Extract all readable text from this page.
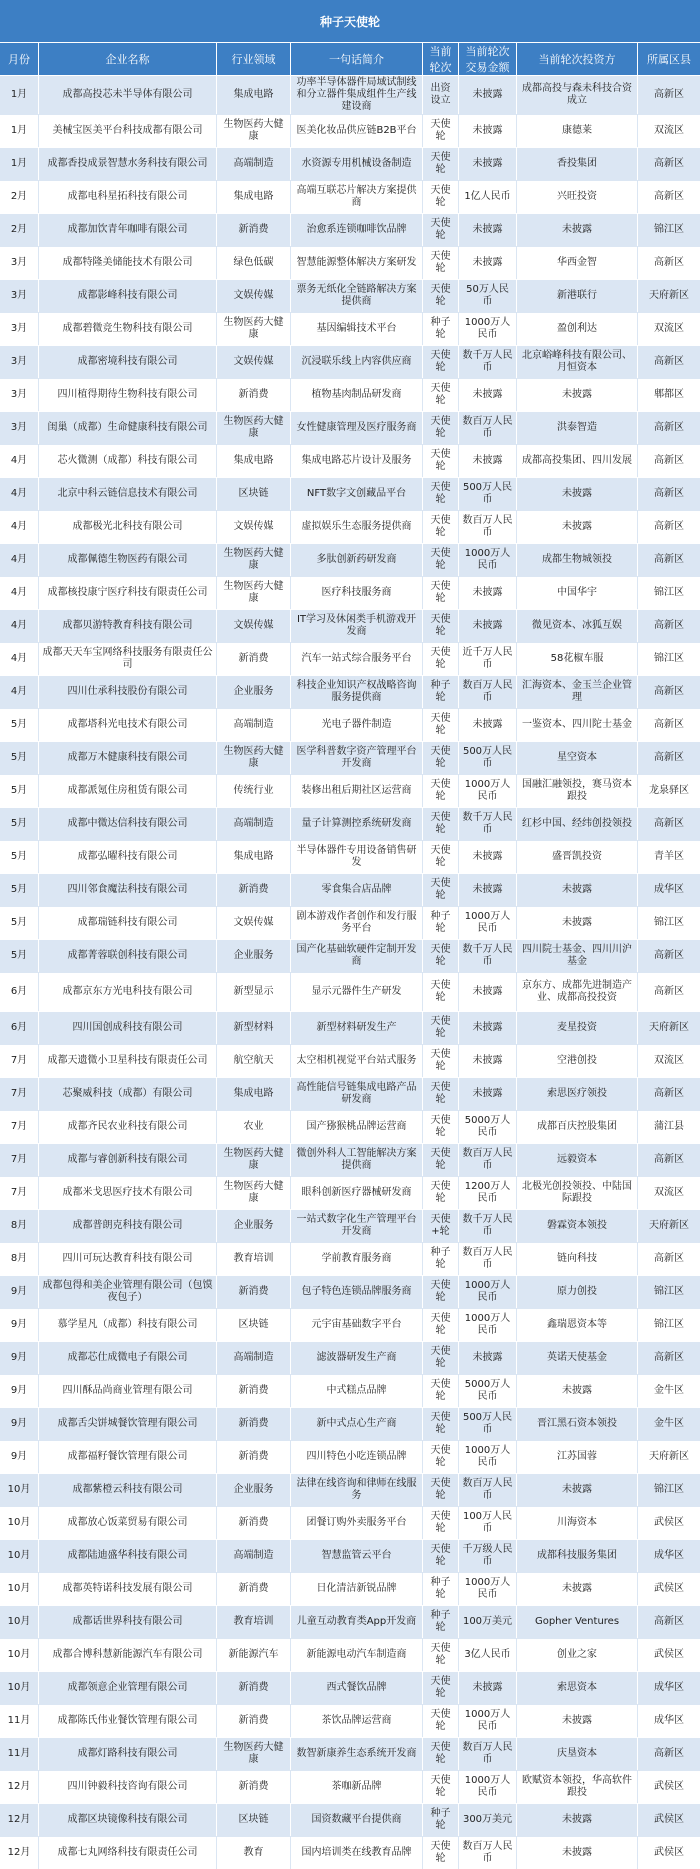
种子天使轮							
月份	企业名称	行业领域	一句话简介	当前轮次	当前轮次交易金额	当前轮次投资方	所属区县
1月	成都高投芯未半导体有限公司	集成电路	功率半导体器件局域试制线和分立器件集成组件生产线建设商	出资设立	未披露	成都高投与森未科技合资成立	高新区
1月	美械宝医美平台科技成都有限公司	生物医药大健康	医美化妆品供应链B2B平台	天使轮	未披露	康德莱	双流区
1月	成都香投成景智慧水务科技有限公司	高端制造	水资源专用机械设备制造	天使轮	未披露	香投集团	高新区
2月	成都电科星拓科技有限公司	集成电路	高端互联芯片解决方案提供商	天使轮	1亿人民币	兴旺投资	高新区
2月	成都加饮青年咖啡有限公司	新消费	治愈系连锁咖啡饮品牌	天使轮	未披露	未披露	锦江区
3月	成都特隆美储能技术有限公司	绿色低碳	智慧能源整体解决方案研发	天使轮	未披露	华西金智	高新区
3月	成都影峰科技有限公司	文娱传媒	票务无纸化全链路解决方案提供商	天使轮	50万人民币	新港联行	天府新区
3月	成都碧微竞生物科技有限公司	生物医药大健康	基因编辑技术平台	种子轮	1000万人民币	盈创利达	双流区
3月	成都密境科技有限公司	文娱传媒	沉浸联乐线上内容供应商	天使轮	数千万人民币	北京峪峰科技有限公司、月恒资本	高新区
3月	四川植得期待生物科技有限公司	新消费	植物基肉制品研发商	天使轮	未披露	未披露	郫都区
3月	闺巢（成都）生命健康科技有限公司	生物医药大健康	女性健康管理及医疗服务商	天使轮	数百万人民币	洪泰智造	高新区
4月	芯火微测（成都）科技有限公司	集成电路	集成电路芯片设计及服务	天使轮	未披露	成都高投集团、四川发展	高新区
4月	北京中科云链信息技术有限公司	区块链	NFT数字文创藏品平台	天使轮	500万人民币	未披露	高新区
4月	成都极光北科技有限公司	文娱传媒	虚拟娱乐生态服务提供商	天使轮	数百万人民币	未披露	高新区
4月	成都佩德生物医药有限公司	生物医药大健康	多肽创新药研发商	天使轮	1000万人民币	成都生物城领投	高新区
4月	成都核投康宁医疗科技有限责任公司	生物医药大健康	医疗科技服务商	天使轮	未披露	中国华宇	锦江区
4月	成都贝游特教育科技有限公司	文娱传媒	IT学习及休闲类手机游戏开发商	天使轮	未披露	微见资本、冰狐互娱	高新区
4月	成都天天车宝网络科技服务有限责任公司	新消费	汽车一站式综合服务平台	天使轮	近千万人民币	58花椒车服	锦江区
4月	四川仕承科技股份有限公司	企业服务	科技企业知识产权战略咨询服务提供商	种子轮	数百万人民币	汇海资本、金玉兰企业管理	高新区
5月	成都塔科光电技术有限公司	高端制造	光电子器件制造	天使轮	未披露	一鉴资本、四川陀士基金	高新区
5月	成都万木健康科技有限公司	生物医药大健康	医学科普数字资产管理平台开发商	天使轮	500万人民币	星空资本	高新区
5月	成都派氪住房租赁有限公司	传统行业	装修出租后期社区运营商	天使轮	1000万人民币	国融汇融领投，赛马资本跟投	龙泉驿区
5月	成都中微达信科技有限公司	高端制造	量子计算测控系统研发商	天使轮	数千万人民币	红杉中国、经纬创投领投	高新区
5月	成都弘曜科技有限公司	集成电路	半导体器件专用设备销售研发	天使轮	未披露	盛晋凯投资	青羊区
5月	四川邻食魔法科技有限公司	新消费	零食集合店品牌	天使轮	未披露	未披露	成华区
5月	成都瑞链科技有限公司	文娱传媒	剧本游戏作者创作和发行服务平台	种子轮	1000万人民币	未披露	锦江区
5月	成都菁蓉联创科技有限公司	企业服务	国产化基础软硬件定制开发商	天使轮	数千万人民币	四川院士基金、四川川沪基金	高新区
6月	成都京东方光电科技有限公司	新型显示	显示元器件生产研发	天使轮	未披露	京东方、成都先进制造产业、成都高投投资	高新区
6月	四川国创成科技有限公司	新型材料	新型材料研发生产	天使轮	未披露	麦星投资	天府新区
7月	成都天遗微小卫星科技有限责任公司	航空航天	太空相机视觉平台站式服务	天使轮	未披露	空港创投	双流区
7月	芯聚威科技（成都）有限公司	集成电路	高性能信号链集成电路产品研发商	天使轮	未披露	索思医疗领投	高新区
7月	成都齐民农业科技有限公司	农业	国产猕猴桃品牌运营商	天使轮	5000万人民币	成都百庆控股集团	蒲江县
7月	成都与睿创新科技有限公司	生物医药大健康	微创外科人工智能解决方案提供商	天使轮	数百万人民币	远毅资本	高新区
7月	成都米戈思医疗技术有限公司	生物医药大健康	眼科创新医疗器械研发商	天使轮	1200万人民币	北极光创投领投、中陆国际跟投	双流区
8月	成都普朗克科技有限公司	企业服务	一站式数字化生产管理平台开发商	天使+轮	数千万人民币	磐霖资本领投	天府新区
8月	四川可玩达教育科技有限公司	教育培训	学前教育服务商	种子轮	数百万人民币	链向科技	高新区
9月	成都包得和美企业管理有限公司（包馍夜包子）	新消费	包子特色连锁品牌服务商	天使轮	1000万人民币	原力创投	锦江区
9月	慕学星凡（成都）科技有限公司	区块链	元宇宙基础数字平台	天使轮	1000万人民币	鑫瑞恩资本等	锦江区
9月	成都芯仕成微电子有限公司	高端制造	滤波器研发生产商	天使轮	未披露	英诺天使基金	高新区
9月	四川酥品尚商业管理有限公司	新消费	中式糕点品牌	天使轮	5000万人民币	未披露	金牛区
9月	成都舌尖饼城餐饮管理有限公司	新消费	新中式点心生产商	天使轮	500万人民币	晋江黑石资本领投	金牛区
9月	成都福籽餐饮管理有限公司	新消费	四川特色小吃连锁品牌	天使轮	1000万人民币	江苏国蓉	天府新区
10月	成都紫橙云科技有限公司	企业服务	法律在线咨询和律师在线服务	天使轮	数百万人民币	未披露	锦江区
10月	成都放心饭菜贸易有限公司	新消费	团餐订购外卖服务平台	天使轮	100万人民币	川海资本	武侯区
10月	成都陆迪盛华科技有限公司	高端制造	智慧监管云平台	天使轮	千万级人民币	成都科技服务集团	成华区
10月	成都英特诺科技发展有限公司	新消费	日化清洁新锐品牌	种子轮	1000万人民币	未披露	武侯区
10月	成都话世界科技有限公司	教育培训	儿童互动教育类App开发商	种子轮	100万美元	Gopher Ventures	高新区
10月	成都合博科慧新能源汽车有限公司	新能源汽车	新能源电动汽车制造商	天使轮	3亿人民币	创业之家	武侯区
10月	成都领意企业管理有限公司	新消费	西式餐饮品牌	天使轮	未披露	索思资本	成华区
11月	成都陈氏伟业餐饮管理有限公司	新消费	茶饮品牌运营商	天使轮	1000万人民币	未披露	成华区
11月	成都灯路科技有限公司	生物医药大健康	数智新康养生态系统开发商	天使轮	数百万人民币	庆垦资本	高新区
12月	四川钟毅科技咨询有限公司	新消费	茶咖新品牌	天使轮	1000万人民币	欧赋资本领投，华高软件跟投	武侯区
12月	成都区块镜像科技有限公司	区块链	国资数藏平台提供商	种子轮	300万美元	未披露	武侯区
12月	成都七丸网络科技有限责任公司	教育	国内培训类在线教育品牌	天使轮	数百万人民币	未披露	武侯区
